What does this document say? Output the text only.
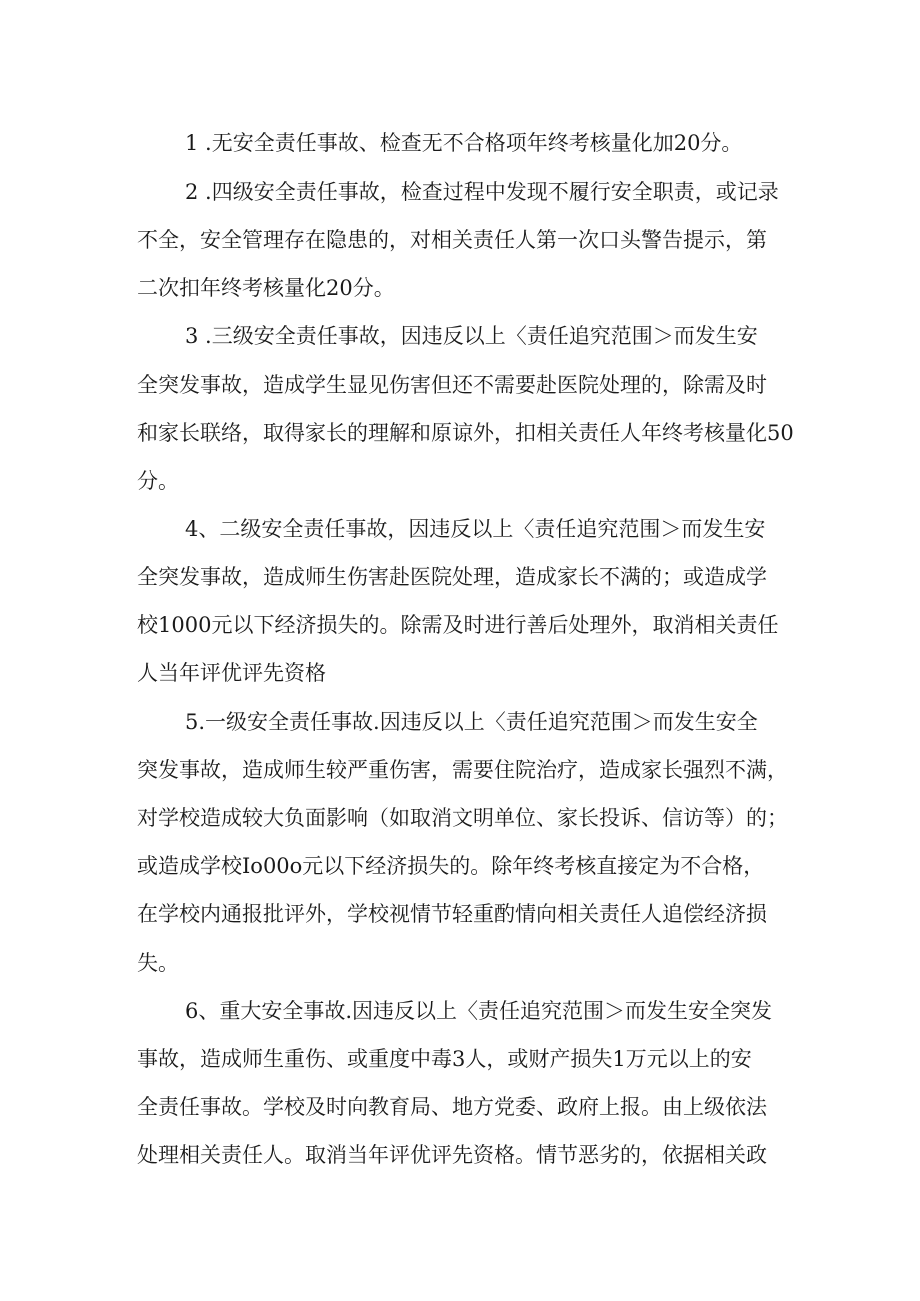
1 .无安全责任事故、检查无不合格项年终考核量化加20分。
2 .四级安全责任事故，检查过程中发现不履行安全职责，或记录
不全，安全管理存在隐患的，对相关责任人第一次口头警告提示，第
二次扣年终考核量化20分。
3 .三级安全责任事故，因违反以上〈责任追究范围＞而发生安
全突发事故，造成学生显见伤害但还不需要赴医院处理的，除需及时
和家长联络，取得家长的理解和原谅外，扣相关责任人年终考核量化50
分。
4、二级安全责任事故，因违反以上〈责任追究范围＞而发生安
全突发事故，造成师生伤害赴医院处理，造成家长不满的；或造成学
校1000元以下经济损失的。除需及时进行善后处理外，取消相关责任
人当年评优评先资格
5.一级安全责任事故.因违反以上〈责任追究范围＞而发生安全
突发事故，造成师生较严重伤害，需要住院治疗，造成家长强烈不满，
对学校造成较大负面影响（如取消文明单位、家长投诉、信访等）的；
或造成学校Io00o元以下经济损失的。除年终考核直接定为不合格，
在学校内通报批评外，学校视情节轻重酌情向相关责任人追偿经济损
失。
6、重大安全事故.因违反以上〈责任追究范围＞而发生安全突发
事故，造成师生重伤、或重度中毒3人，或财产损失1万元以上的安
全责任事故。学校及时向教育局、地方党委、政府上报。由上级依法
处理相关责任人。取消当年评优评先资格。情节恶劣的，依据相关政
